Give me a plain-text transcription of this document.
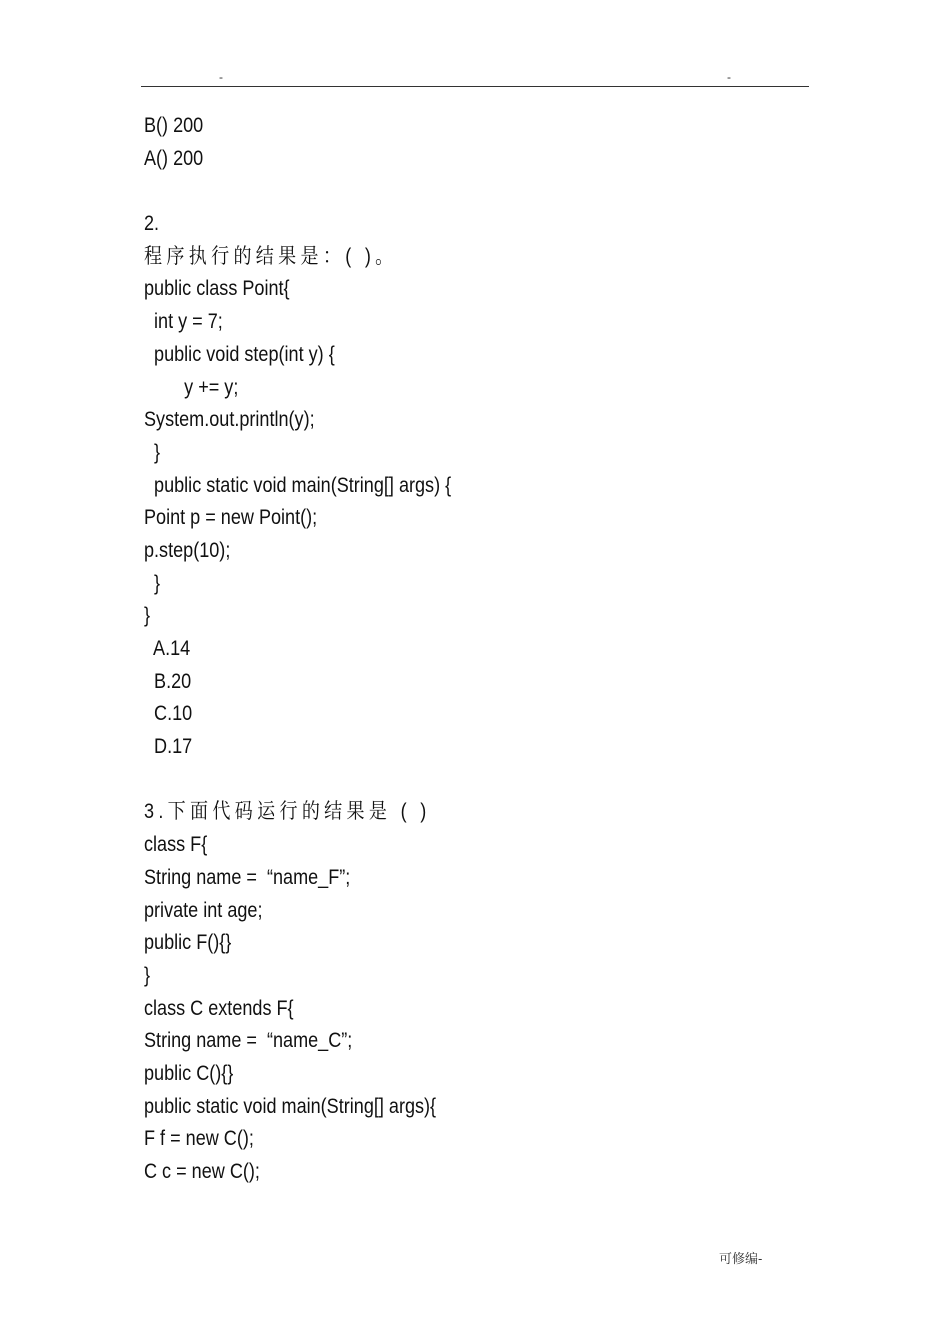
-	-
B() 200
A() 200
2.
程序执行的结果是：( )。
public class Point{
int y = 7;
public void step(int y) {
y += y;
System.out.println(y);
}
public static void main(String[] args) {
Point p = new Point();
p.step(10);
}
}
A.14
B.20
C.10
D.17
3.下面代码运行的结果是 ( )
class F{
String name =  “name_F”;
private int age;
public F(){}
}
class C extends F{
String name =  “name_C”;
public C(){}
public static void main(String[] args){
F f = new C();
C c = new C();
可修编-
